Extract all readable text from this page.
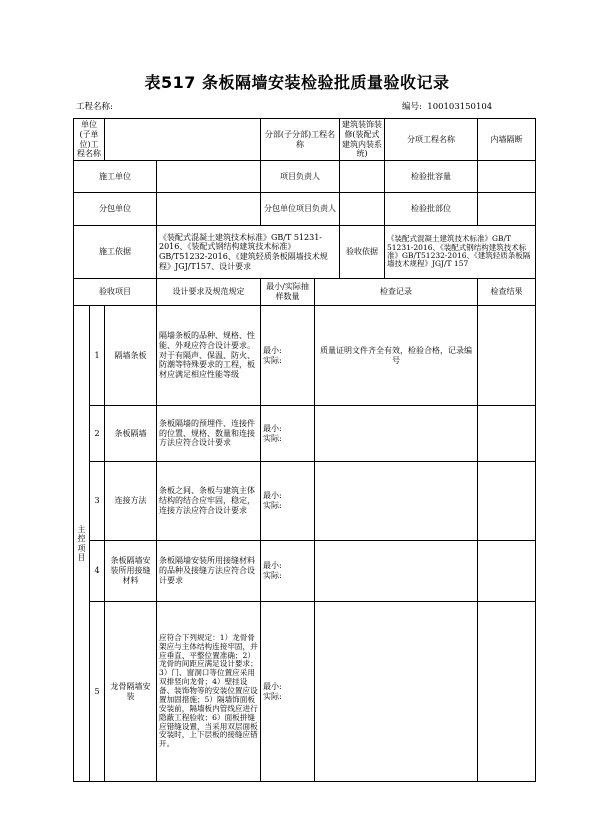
表517 条板隔墙安装检验批质量验收记录
工程名称:	编号: 100103150104
单位(子单位)工程名称				分部(子分部)工程名称		建筑装饰装修(装配式建筑内装系统)	分项工程名称	内墙隔断
施工单位				项目负责人			检验批容量	
分包单位				分包单位项目负责人			检验批部位	
施工依据			《装配式混凝土建筑技术标准》GB/T 51231-2016、《装配式钢结构建筑技术标准》GB/T51232-2016、《建筑轻质条板隔墙技术规程》JGJ/T157、设计要求			验收依据	《装配式混凝土建筑技术标准》GB/T 51231-2016、《装配式钢结构建筑技术标准》GB/T51232-2016、《建筑轻质条板隔墙技术规程》JGJ/T 157	
验收项目			设计要求及规范规定	最小/实际抽样数量	检查记录			检查结果

主
控
项
目	1	隔墙条板	隔墙条板的品种、规格、性能、外观应符合设计要求。对于有隔声、保温、防火、防潮等特殊要求的工程，板材应满足相应性能等级	最小:
实际:	质量证明文件齐全有效，检验合格，记录编号			
	2	条板隔墙	条板隔墙的预埋件、连接件的位置、规格、数量和连接方法应符合设计要求	最小:
实际:				
	3	连接方法	条板之间、条板与建筑主体结构的结合应牢固，稳定，连接方法应符合设计要求	最小:
实际:				
	4	条板隔墙安装所用接缝材料	条板隔墙安装所用接缝材料的品种及接缝方法应符合设计要求	最小:
实际:				
	5	龙骨隔墙安装	应符合下列规定：1）龙骨骨架应与主体结构连接牢固，并应垂直、平整位置准确；2）龙骨的间距应满足设计要求；3）门、窗洞口等位置应采用双排竖向龙骨；4）壁挂设备、装饰物等的安装位置应设置加固措施；5）隔墙饰面板安装前，隔墙板内管线应进行隐蔽工程验收；6）面板拼缝应错缝设置，当采用双层面板安装时，上下层板的接缝应错开。	最小:
实际:				
